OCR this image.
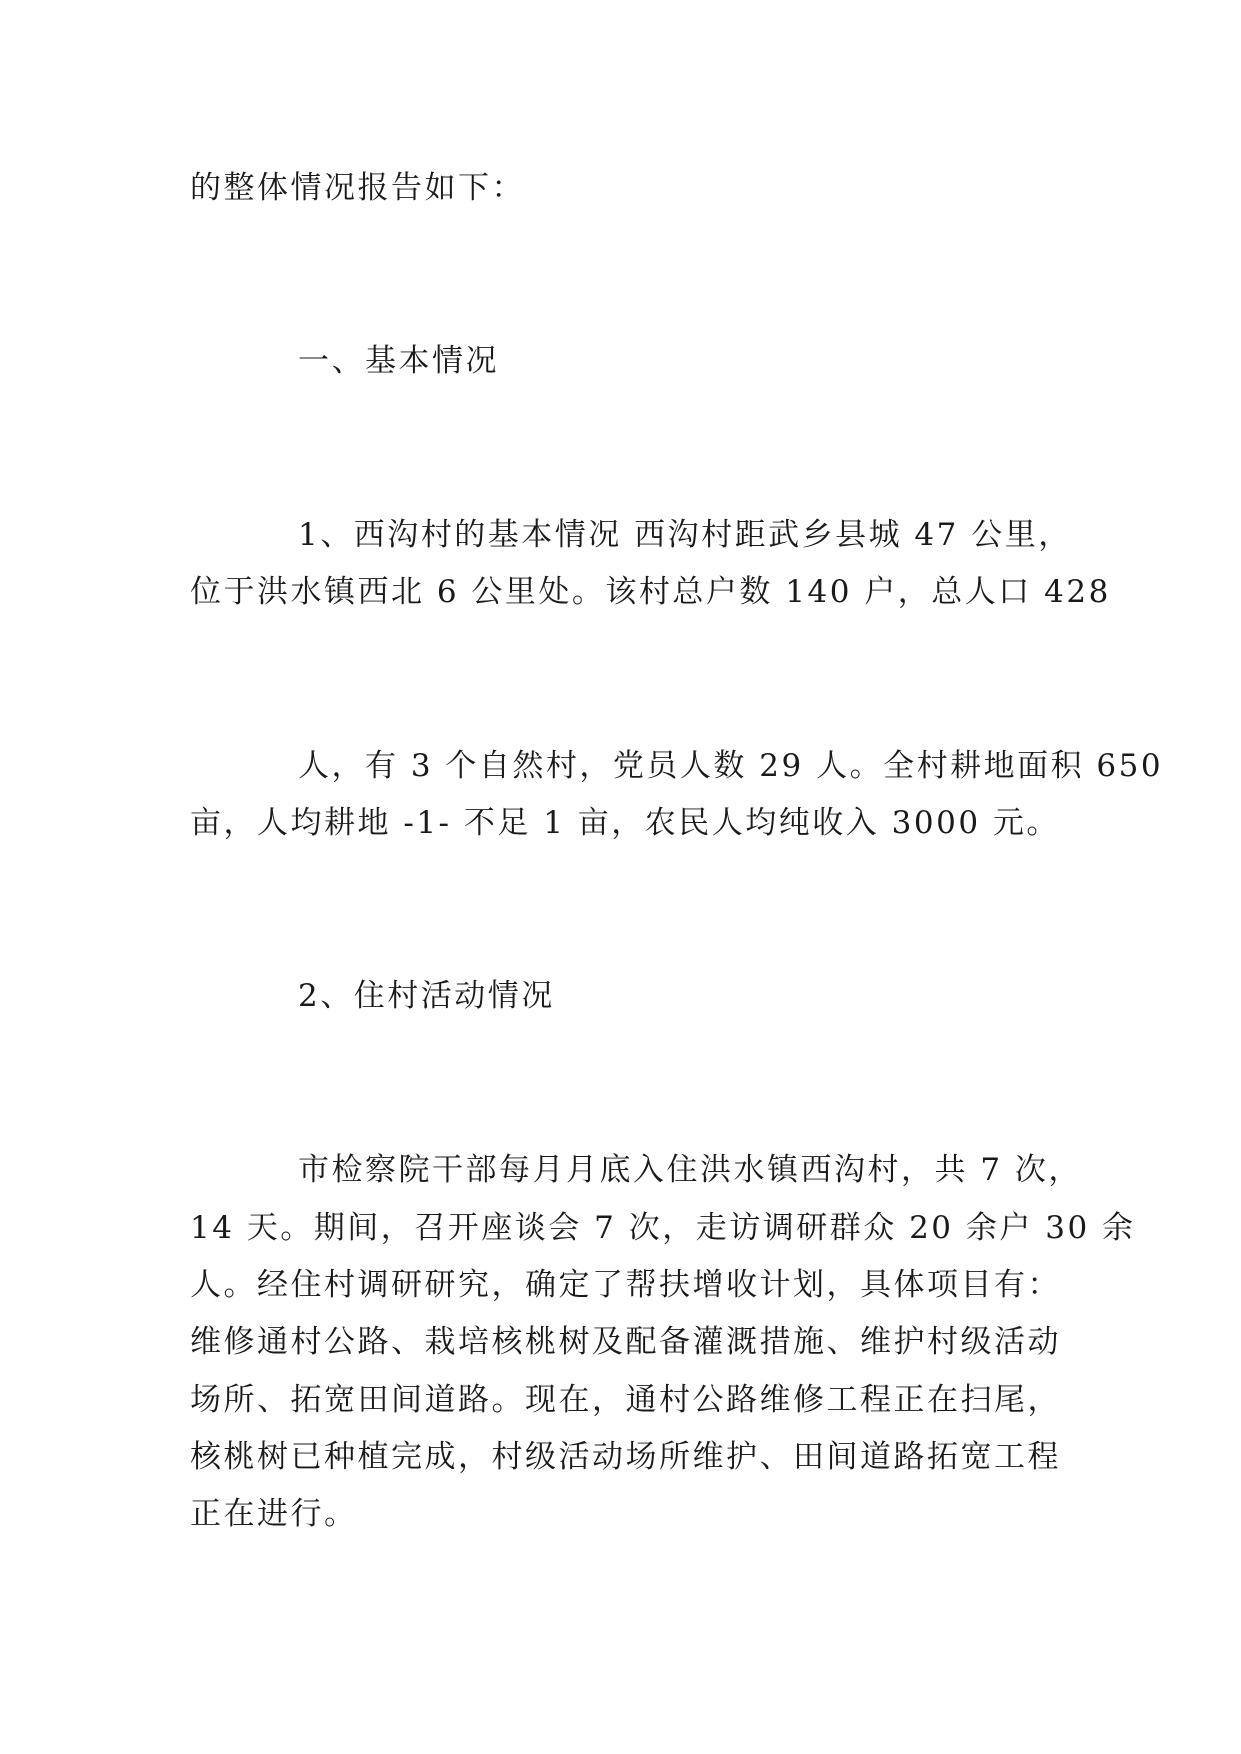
的整体情况报告如下：
一、基本情况
1、西沟村的基本情况 西沟村距武乡县城 47 公里，
位于洪水镇西北 6 公里处。该村总户数 140 户，总人口 428
人，有 3 个自然村，党员人数 29 人。全村耕地面积 650
亩，人均耕地 -1- 不足 1 亩，农民人均纯收入 3000 元。
2、住村活动情况
市检察院干部每月月底入住洪水镇西沟村，共 7 次，
14 天。期间，召开座谈会 7 次，走访调研群众 20 余户 30 余
人。经住村调研研究，确定了帮扶增收计划，具体项目有：
维修通村公路、栽培核桃树及配备灌溉措施、维护村级活动
场所、拓宽田间道路。现在，通村公路维修工程正在扫尾，
核桃树已种植完成，村级活动场所维护、田间道路拓宽工程
正在进行。
